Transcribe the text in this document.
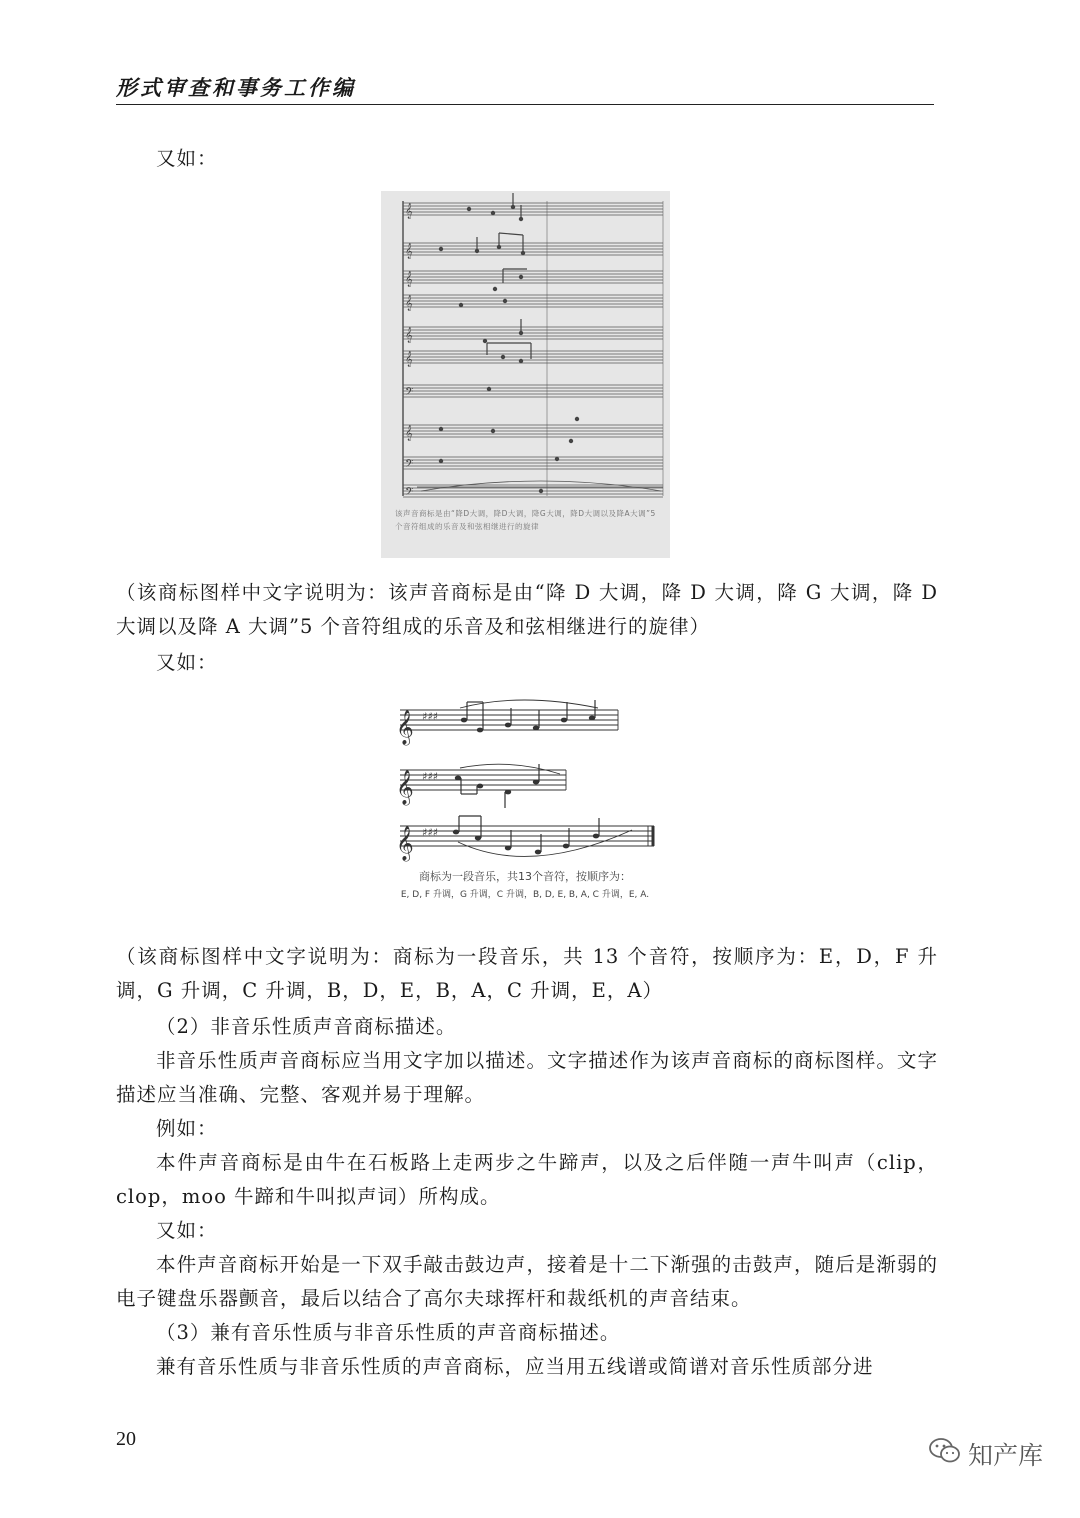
形式审查和事务工作编
又如：
𝄞
𝄞
𝄞
𝄞
𝄞
𝄞
𝄢
𝄞
𝄢
𝄢
该声音商标是由“降D大调，降D大调，降G大调，降D大调以及降A大调”5个音符组成的乐音及和弦相继进行的旋律
（该商标图样中文字说明为：该声音商标是由“降 D 大调，降 D 大调，降 G 大调，降 D 大调以及降 A 大调”5 个音符组成的乐音及和弦相继进行的旋律）
又如：
𝄞
𝄞
𝄞
♯♯♯
♯♯♯
♯♯♯
商标为一段音乐，共13个音符，按顺序为：
E, D, F 升调，G 升调，C 升调，B, D, E, B, A, C 升调，E, A.
（该商标图样中文字说明为：商标为一段音乐，共 13 个音符，按顺序为：E，D，F 升调，G 升调，C 升调，B，D，E，B，A，C 升调，E，A）
（2）非音乐性质声音商标描述。
非音乐性质声音商标应当用文字加以描述。文字描述作为该声音商标的商标图样。文字描述应当准确、完整、客观并易于理解。
例如：
本件声音商标是由牛在石板路上走两步之牛蹄声，以及之后伴随一声牛叫声（clip，clop，moo 牛蹄和牛叫拟声词）所构成。
又如：
本件声音商标开始是一下双手敲击鼓边声，接着是十二下渐强的击鼓声，随后是渐弱的电子键盘乐器颤音，最后以结合了高尔夫球挥杆和裁纸机的声音结束。
（3）兼有音乐性质与非音乐性质的声音商标描述。
兼有音乐性质与非音乐性质的声音商标，应当用五线谱或简谱对音乐性质部分进
20
知产库
